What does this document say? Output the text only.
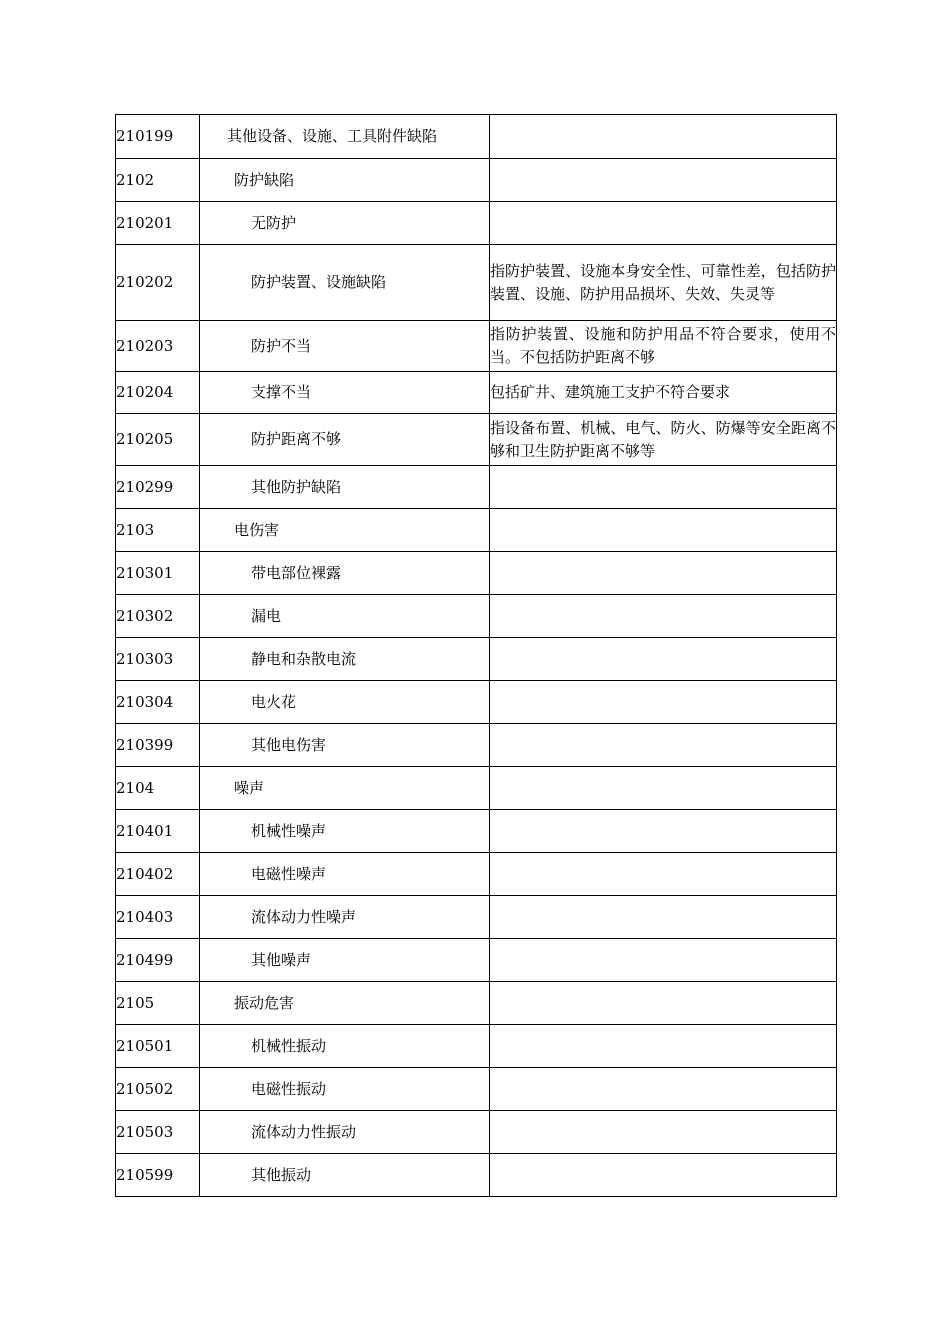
210199	其他设备、设施、工具附件缺陷	
2102	防护缺陷	
210201	无防护	
210202	防护装置、设施缺陷	指防护装置、设施本身安全性、可靠性差，包括防护装置、设施、防护用品损坏、失效、失灵等
210203	防护不当	指防护装置、设施和防护用品不符合要求，使用不当。不包括防护距离不够
210204	支撑不当	包括矿井、建筑施工支护不符合要求
210205	防护距离不够	指设备布置、机械、电气、防火、防爆等安全距离不够和卫生防护距离不够等
210299	其他防护缺陷	
2103	电伤害	
210301	带电部位裸露	
210302	漏电	
210303	静电和杂散电流	
210304	电火花	
210399	其他电伤害	
2104	噪声	
210401	机械性噪声	
210402	电磁性噪声	
210403	流体动力性噪声	
210499	其他噪声	
2105	振动危害	
210501	机械性振动	
210502	电磁性振动	
210503	流体动力性振动	
210599	其他振动	
